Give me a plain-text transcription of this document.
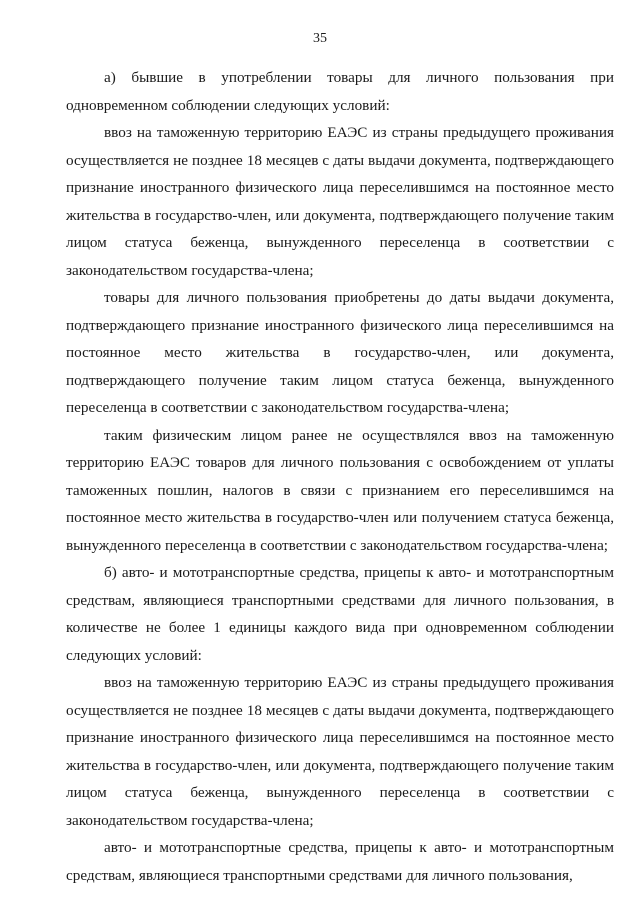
35

а) бывшие в употреблении товары для личного пользования при одновременном соблюдении следующих условий:

ввоз на таможенную территорию ЕАЭС из страны предыдущего проживания осуществляется не позднее 18 месяцев с даты выдачи документа, подтверждающего признание иностранного физического лица переселившимся на постоянное место жительства в государство-член, или документа, подтверждающего получение таким лицом статуса беженца, вынужденного переселенца в соответствии с законодательством государства-члена;

товары для личного пользования приобретены до даты выдачи документа, подтверждающего признание иностранного физического лица переселившимся на постоянное место жительства в государство-член, или документа, подтверждающего получение таким лицом статуса беженца, вынужденного переселенца в соответствии с законодательством государства-члена;

таким физическим лицом ранее не осуществлялся ввоз на таможенную территорию ЕАЭС товаров для личного пользования с освобождением от уплаты таможенных пошлин, налогов в связи с признанием его переселившимся на постоянное место жительства в государство-член или получением статуса беженца, вынужденного переселенца в соответствии с законодательством государства-члена;

б) авто- и мототранспортные средства, прицепы к авто- и мототранспортным средствам, являющиеся транспортными средствами для личного пользования, в количестве не более 1 единицы каждого вида при одновременном соблюдении следующих условий:

ввоз на таможенную территорию ЕАЭС из страны предыдущего проживания осуществляется не позднее 18 месяцев с даты выдачи документа, подтверждающего признание иностранного физического лица переселившимся на постоянное место жительства в государство-член, или документа, подтверждающего получение таким лицом статуса беженца, вынужденного переселенца в соответствии с законодательством государства-члена;

авто- и мототранспортные средства, прицепы к авто- и мототранспортным средствам, являющиеся транспортными средствами для личного пользования,
